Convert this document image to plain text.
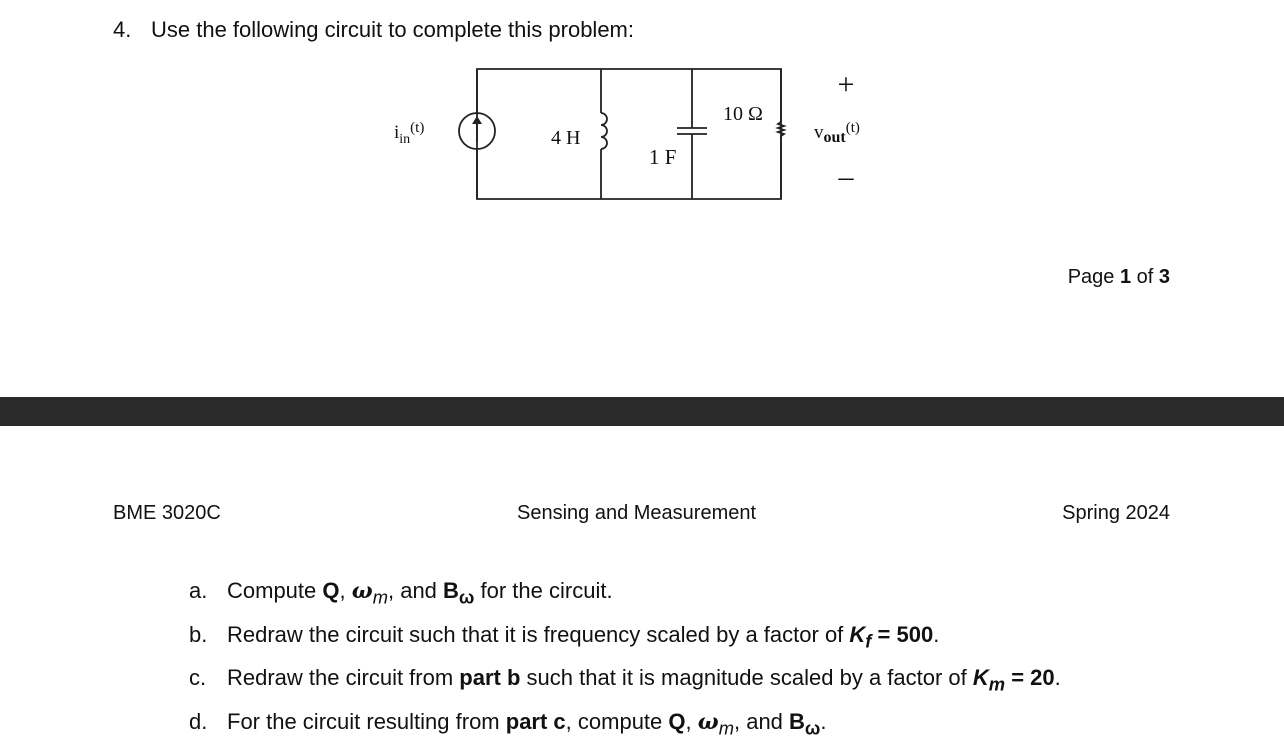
4. Use the following circuit to complete this problem:
$i_{in}^{(t)}$	4 H
1 F
10 Ω
+
$v_{out}^{(t)}$
–
Page 1 of 3
BME 3020C	Sensing and Measurement	Spring 2024
a. Compute Q, $\omega_m$, and $B_\omega$ for the circuit.
b. Redraw the circuit such that it is frequency scaled by a factor of $K_f = 500$.
c. Redraw the circuit from part b such that it is magnitude scaled by a factor of $K_m = 20$.
d. For the circuit resulting from part c, compute Q, $\omega_m$, and $B_\omega$.
